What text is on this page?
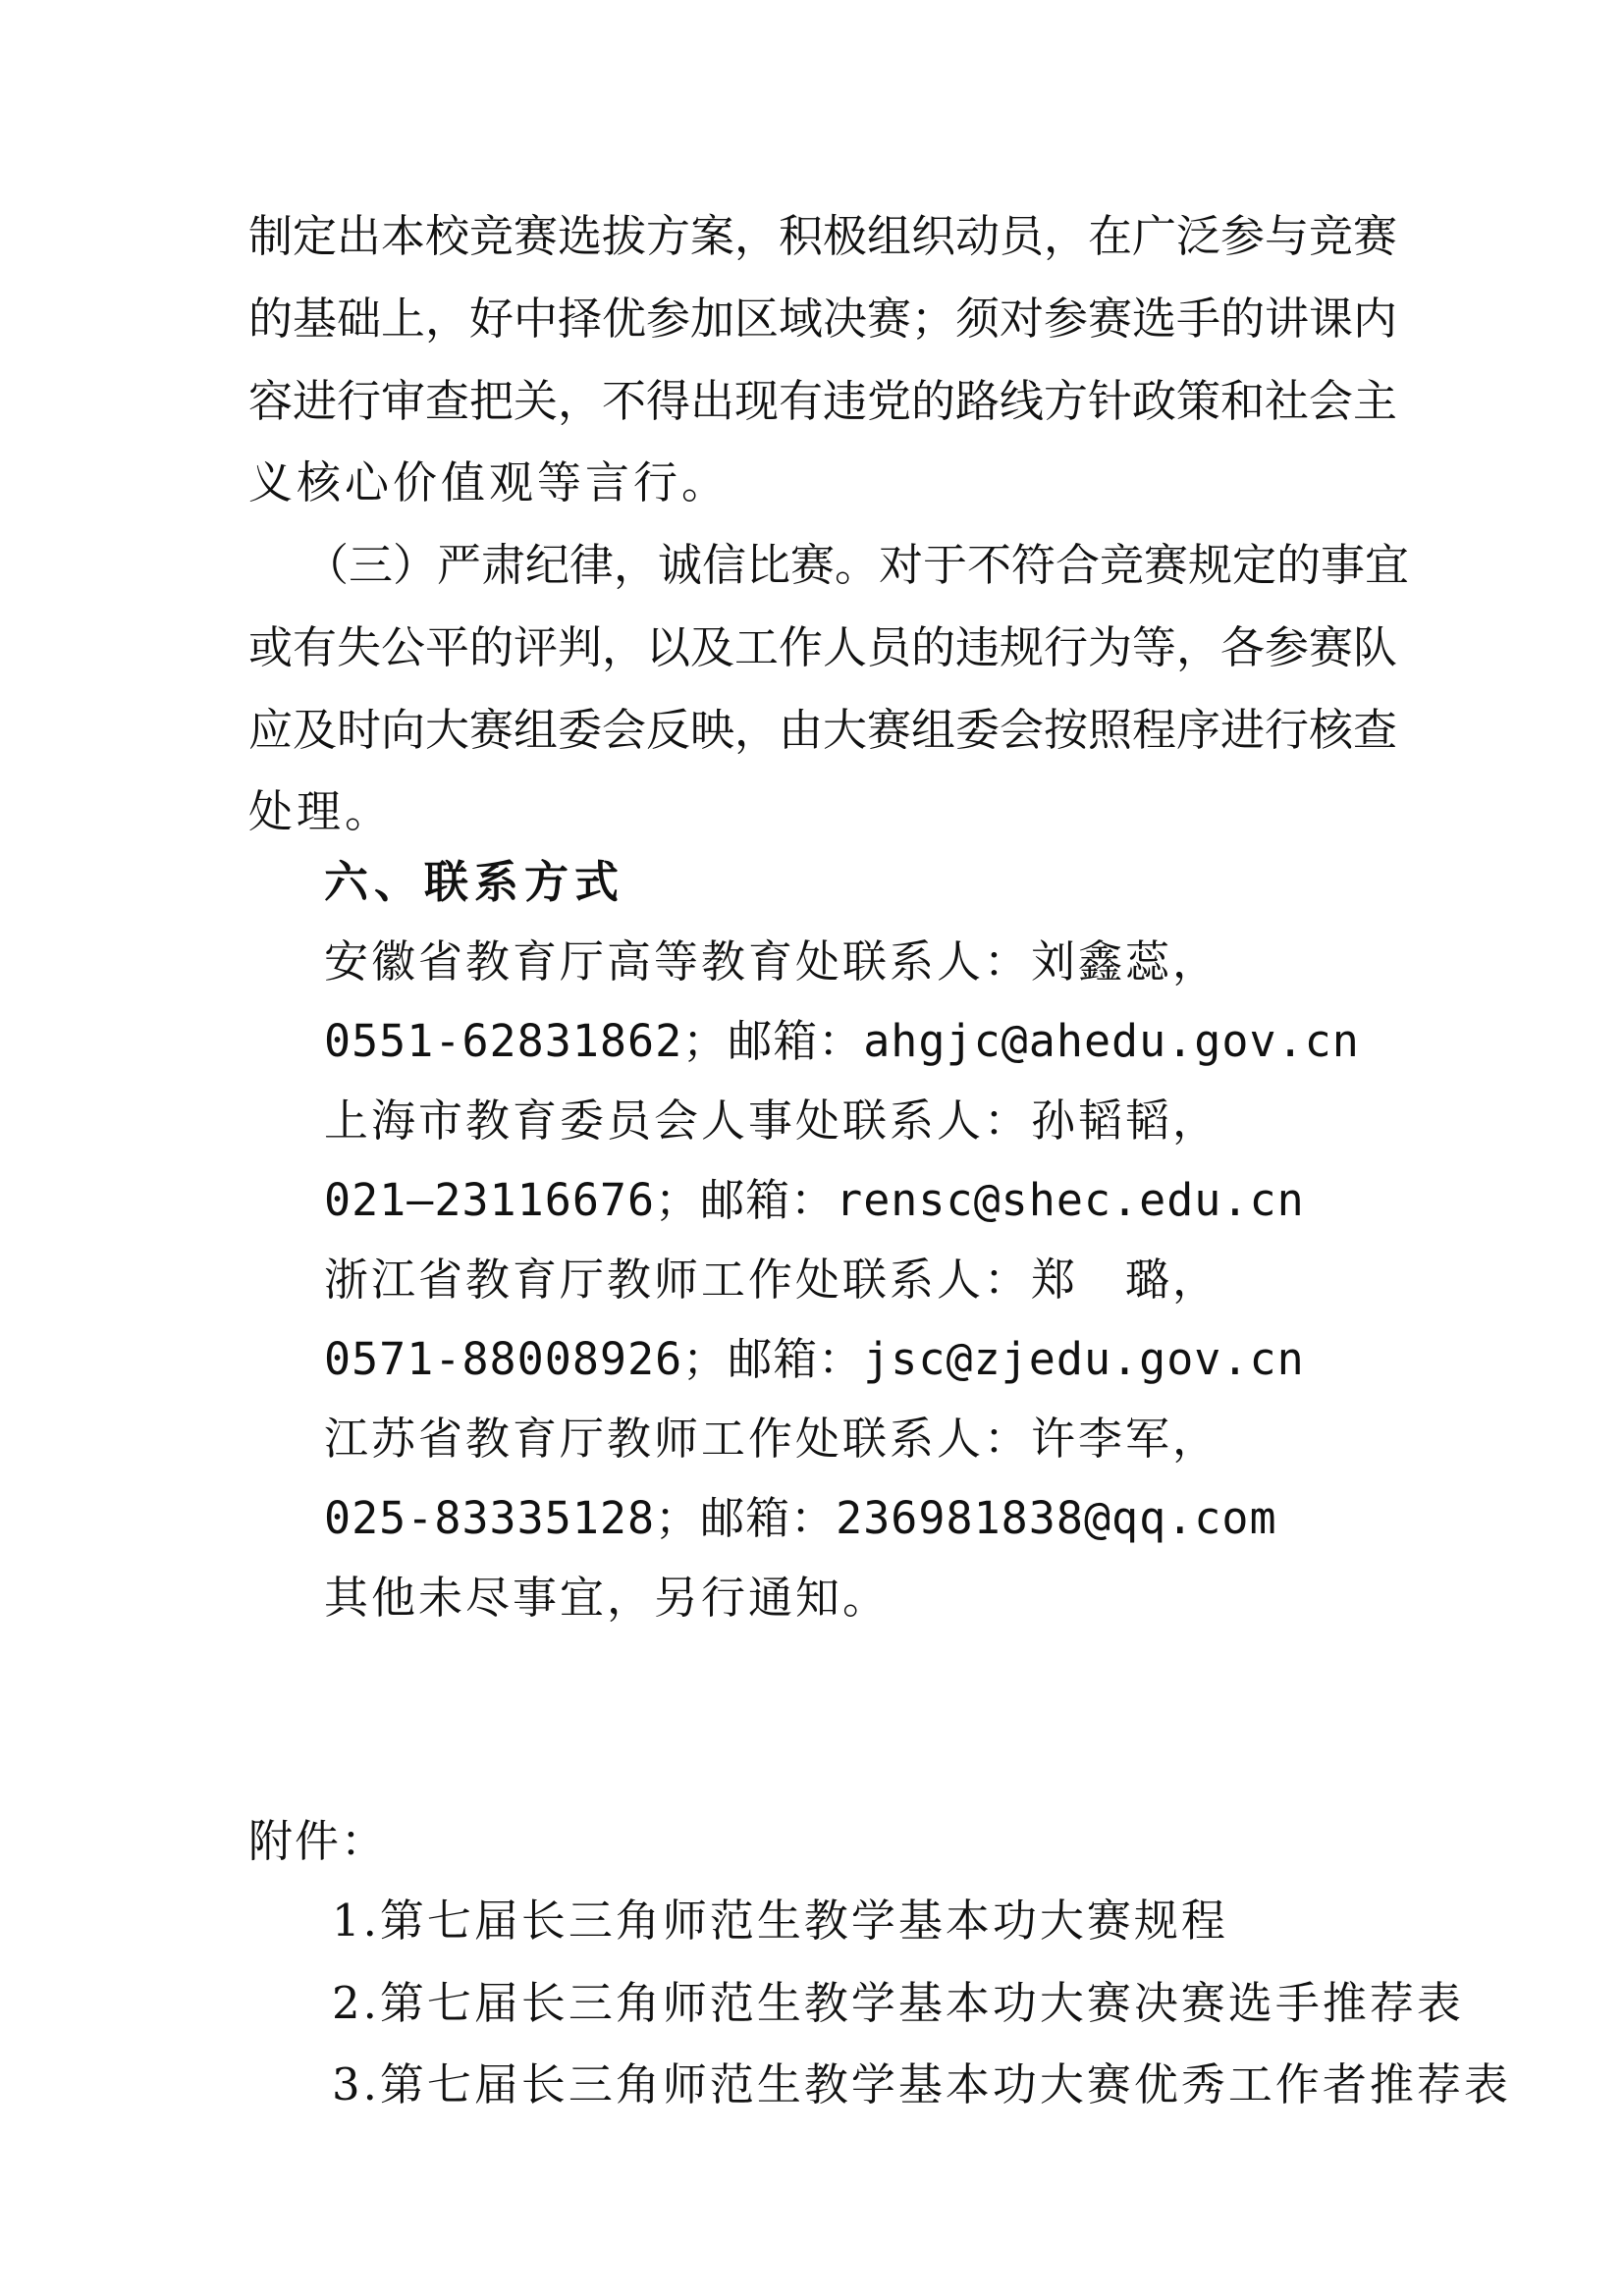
制定出本校竞赛选拔方案，积极组织动员，在广泛参与竞赛
的基础上，好中择优参加区域决赛；须对参赛选手的讲课内
容进行审查把关，不得出现有违党的路线方针政策和社会主
义核心价值观等言行。
（三）严肃纪律，诚信比赛。对于不符合竞赛规定的事宜
或有失公平的评判，以及工作人员的违规行为等，各参赛队
应及时向大赛组委会反映，由大赛组委会按照程序进行核查
处理。
六、联系方式
安徽省教育厅高等教育处联系人：刘鑫蕊，
0551-62831862；邮箱：ahgjc@ahedu.gov.cn
上海市教育委员会人事处联系人：孙韬韬，
021—23116676；邮箱：rensc@shec.edu.cn
浙江省教育厅教师工作处联系人：郑　璐，
0571-88008926；邮箱：jsc@zjedu.gov.cn
江苏省教育厅教师工作处联系人：许李军，
025-83335128；邮箱：236981838@qq.com
其他未尽事宜，另行通知。
附件：
1.第七届长三角师范生教学基本功大赛规程
2.第七届长三角师范生教学基本功大赛决赛选手推荐表
3.第七届长三角师范生教学基本功大赛优秀工作者推荐表
